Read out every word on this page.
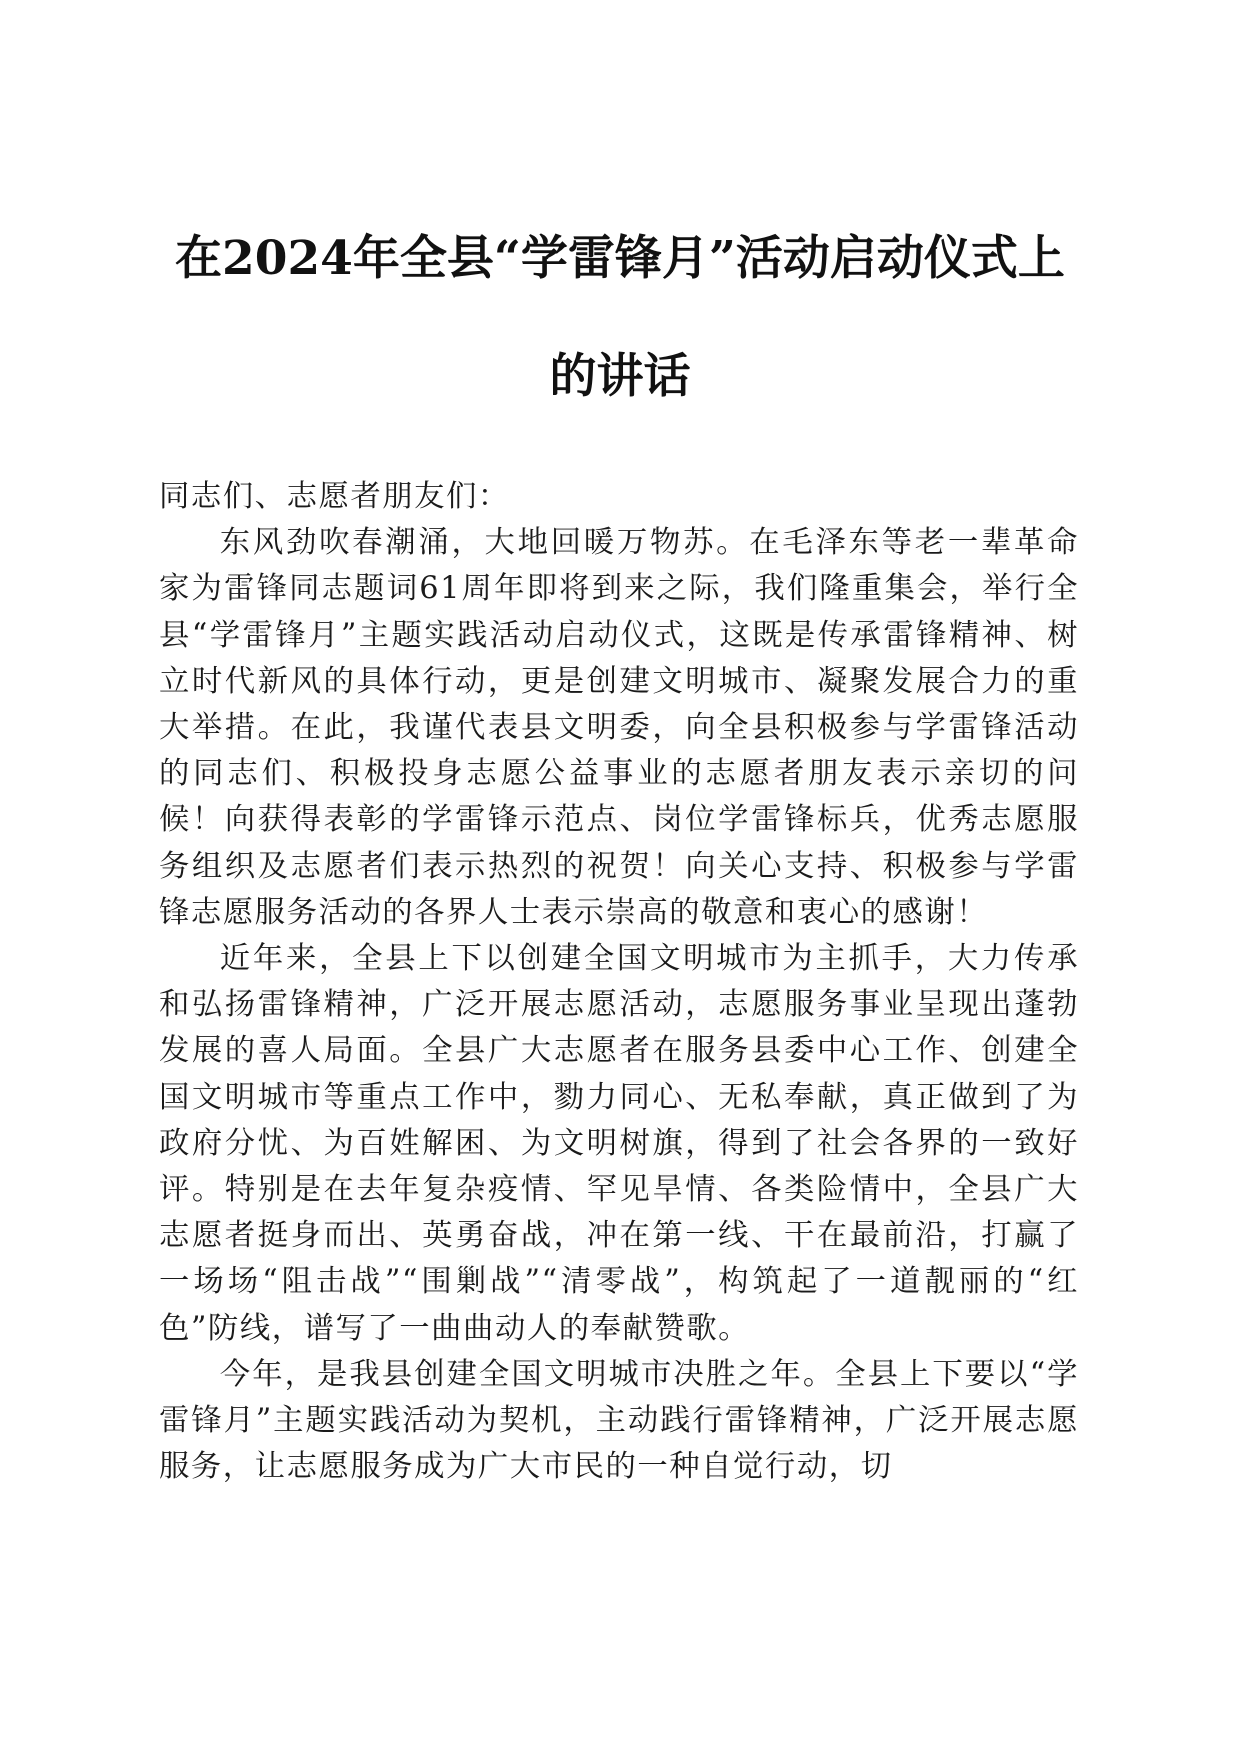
在2024年全县“学雷锋月”活动启动仪式上
的讲话

同志们、志愿者朋友们：

东风劲吹春潮涌，大地回暖万物苏。在毛泽东等老一辈革命家为雷锋同志题词61周年即将到来之际，我们隆重集会，举行全县“学雷锋月”主题实践活动启动仪式，这既是传承雷锋精神、树立时代新风的具体行动，更是创建文明城市、凝聚发展合力的重大举措。在此，我谨代表县文明委，向全县积极参与学雷锋活动的同志们、积极投身志愿公益事业的志愿者朋友表示亲切的问候！向获得表彰的学雷锋示范点、岗位学雷锋标兵，优秀志愿服务组织及志愿者们表示热烈的祝贺！向关心支持、积极参与学雷锋志愿服务活动的各界人士表示崇高的敬意和衷心的感谢！

近年来，全县上下以创建全国文明城市为主抓手，大力传承和弘扬雷锋精神，广泛开展志愿活动，志愿服务事业呈现出蓬勃发展的喜人局面。全县广大志愿者在服务县委中心工作、创建全国文明城市等重点工作中，勠力同心、无私奉献，真正做到了为政府分忧、为百姓解困、为文明树旗，得到了社会各界的一致好评。特别是在去年复杂疫情、罕见旱情、各类险情中，全县广大志愿者挺身而出、英勇奋战，冲在第一线、干在最前沿，打赢了一场场“阻击战”“围剿战”“清零战”，构筑起了一道靓丽的“红色”防线，谱写了一曲曲动人的奉献赞歌。

今年，是我县创建全国文明城市决胜之年。全县上下要以“学雷锋月”主题实践活动为契机，主动践行雷锋精神，广泛开展志愿服务，让志愿服务成为广大市民的一种自觉行动，切
